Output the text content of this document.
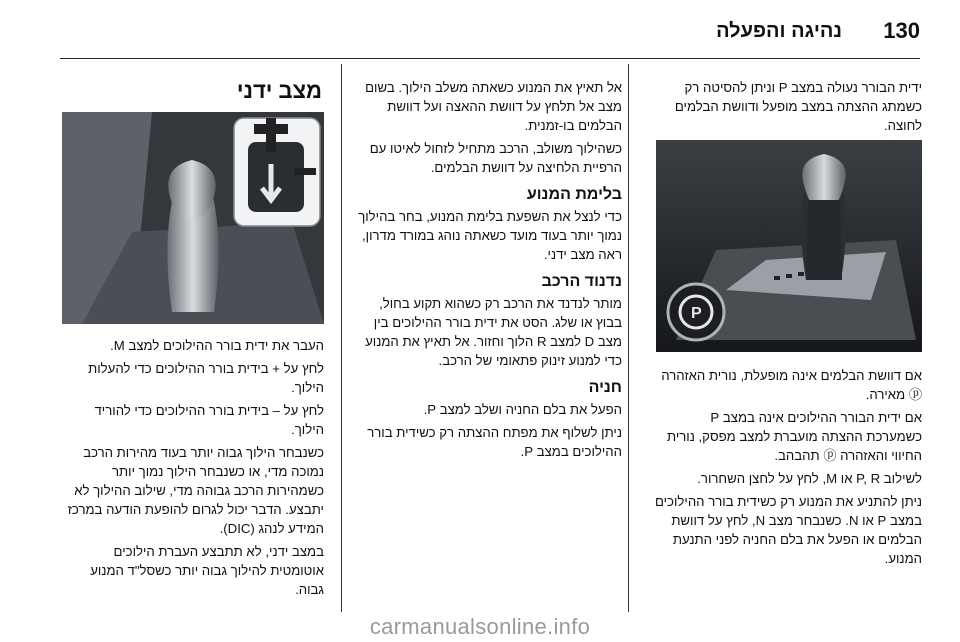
130
נהיגה והפעלה

ידית הבורר נעולה במצב P וניתן להסיטה רק כשמתג ההצתה במצב מופעל ודוושת הבלמים לחוצה.

P

אם דוושת הבלמים אינה מופעלת, נורית האזהרה ⓟ מאירה.

אם ידית הבורר ההילוכים אינה במצב P כשמערכת ההצתה מועברת למצב מפסק, נורית החיווי והאזהרה ⓟ תהבהב.

לשילוב P, R או M, לחץ על לחצן השחרור.

ניתן להתניע את המנוע רק כשידית בורר ההילוכים במצב P או N. כשנבחר מצב N, לחץ על דוושת הבלמים או הפעל את בלם החניה לפני התנעת המנוע.

אל תאיץ את המנוע כשאתה משלב הילוך. בשום מצב אל תלחץ על דוושת ההאצה ועל דוושת הבלמים בו-זמנית.

כשהילוך משולב, הרכב מתחיל לזחול לאיטו עם הרפיית הלחיצה על דוושת הבלמים.

בלימת המנוע

כדי לנצל את השפעת בלימת המנוע, בחר בהילוך נמוך יותר בעוד מועד כשאתה נוהג במורד מדרון, ראה מצב ידני.

נדנוד הרכב

מותר לנדנד את הרכב רק כשהוא תקוע בחול, בבוץ או שלג. הסט את ידית בורר ההילוכים בין מצב D למצב R הלוך וחזור. אל תאיץ את המנוע כדי למנוע זינוק פתאומי של הרכב.

חניה

הפעל את בלם החניה ושלב למצב P.

ניתן לשלוף את מפתח ההצתה רק כשידית בורר ההילוכים במצב P.

מצב ידני

העבר את ידית בורר ההילוכים למצב M.

לחץ על + בידית בורר ההילוכים כדי להעלות הילוך.

לחץ על – בידית בורר ההילוכים כדי להוריד הילוך.

כשנבחר הילוך גבוה יותר בעוד מהירות הרכב נמוכה מדי, או כשנבחר הילוך נמוך יותר כשמהירות הרכב גבוהה מדי, שילוב ההילוך לא יתבצע. הדבר יכול לגרום להופעת הודעה במרכז המידע לנהג (DIC).

במצב ידני, לא תתבצע העברת הילוכים אוטומטית להילוך גבוה יותר כשסל"ד המנוע גבוה.

carmanualsonline.info
